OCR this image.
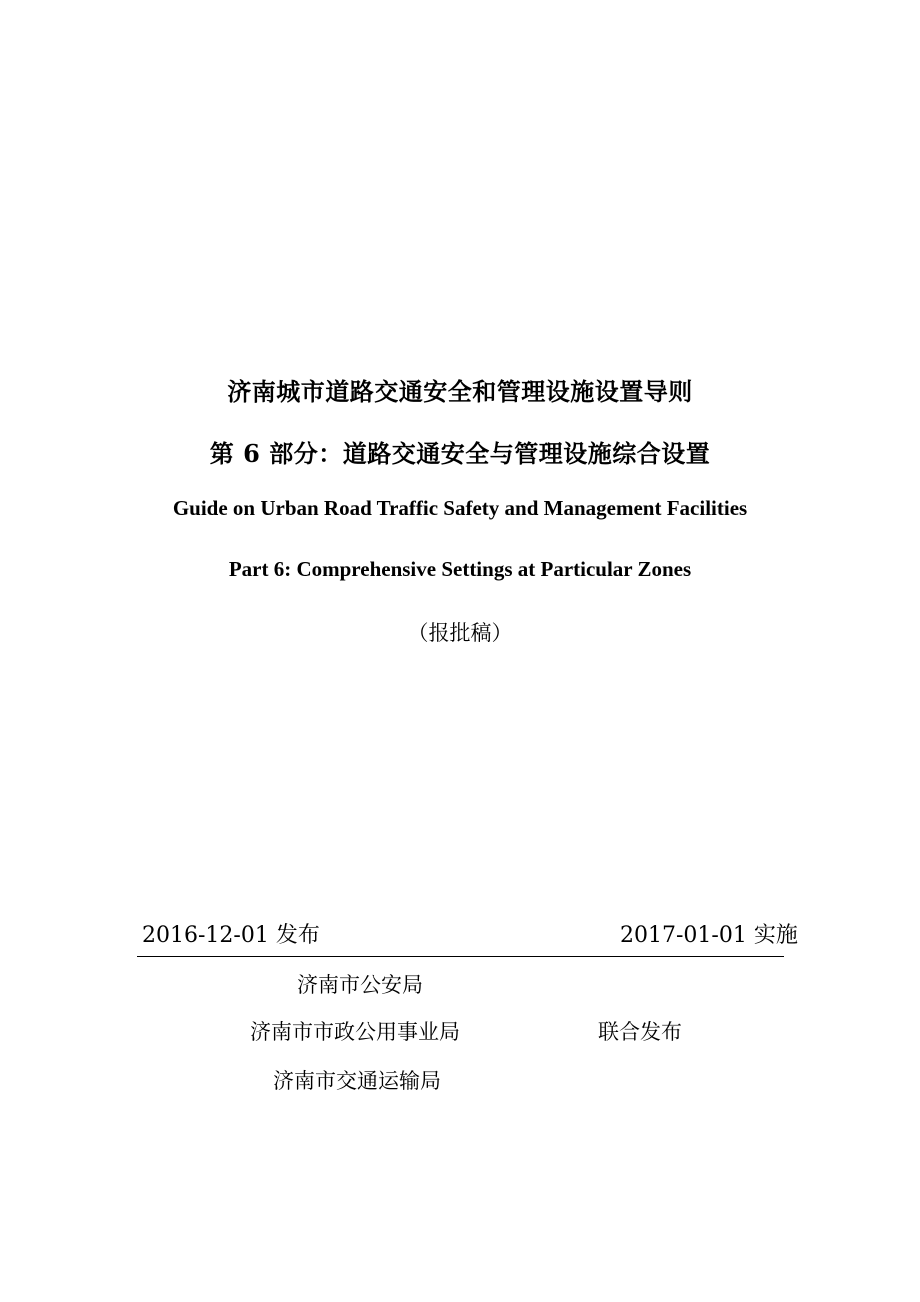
济南城市道路交通安全和管理设施设置导则
第 6 部分：道路交通安全与管理设施综合设置
Guide on Urban Road Traffic Safety and Management Facilities
Part 6: Comprehensive Settings at Particular Zones
（报批稿）
2016-12-01 发布	2017-01-01 实施
济南市公安局
济南市市政公用事业局
济南市交通运输局
联合发布
